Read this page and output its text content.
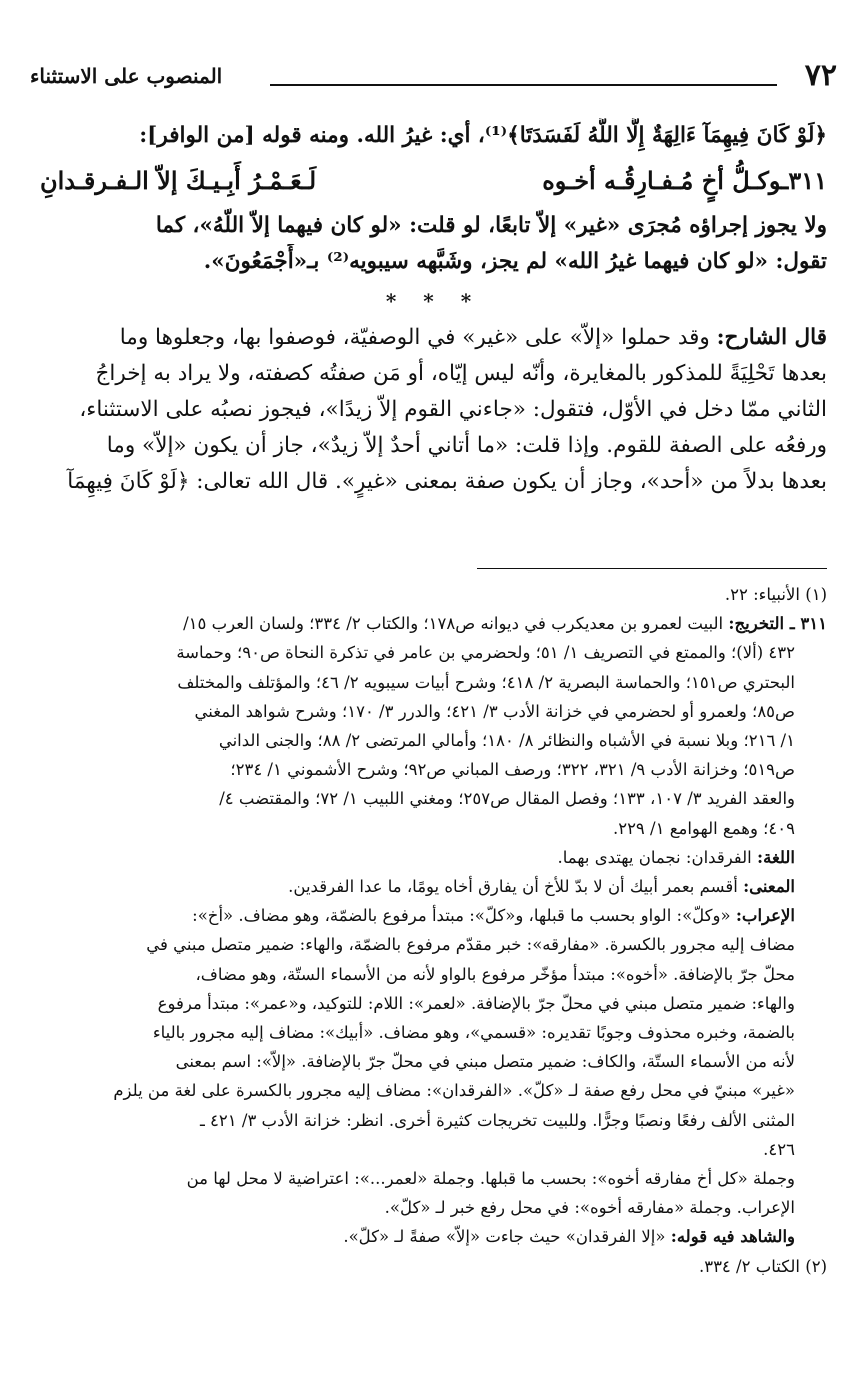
٧٢
المنصوب على الاستثناء

﴿لَوْ كَانَ فِيهِمَآ ءَالِهَةٌ إِلَّا اللَّهُ لَفَسَدَتَا﴾⁽¹⁾، أي: غيرُ الله. ومنه قوله [من الوافر]:

٣١١ـوكـلُّ أخٍ مُـفـارِقُـه أخـوه
لَـعَـمْـرُ أَبِـيـكَ إلاّ الـفـرقـدانِ

ولا يجوز إجراؤه مُجرَى «غير» إلاّ تابعًا، لو قلت: «لو كان فيهما إلاّ اللّهُ»، كما

تقول: «لو كان فيهما غيرُ الله» لم يجز، وشَبَّهه سيبويه⁽²⁾ بـ«أَجْمَعُونَ».

* * *

قال الشارح: وقد حملوا «إلاّ» على «غير» في الوصفيّة، فوصفوا بها، وجعلوها وما

بعدها تَحْلِيَةً للمذكور بالمغايرة، وأنّه ليس إيّاه، أو مَن صفتُه كصفته، ولا يراد به إخراجُ

الثاني ممّا دخل في الأوّل، فتقول: «جاءني القوم إلاّ زيدًا»، فيجوز نصبُه على الاستثناء،

ورفعُه على الصفة للقوم. وإذا قلت: «ما أتاني أحدٌ إلاّ زيدٌ»، جاز أن يكون «إلاّ» وما

بعدها بدلاً من «أحد»، وجاز أن يكون صفة بمعنى «غيرٍ». قال الله تعالى: ﴿لَوْ كَانَ فِيهِمَآ

(١) الأنبياء: ٢٢.

٣١١ ـ التخريج: البيت لعمرو بن معديكرب في ديوانه ص١٧٨؛ والكتاب ٢/ ٣٣٤؛ ولسان العرب ١٥/

٤٣٢ (ألا)؛ والممتع في التصريف ١/ ٥١؛ ولحضرمي بن عامر في تذكرة النحاة ص٩٠؛ وحماسة

البحتري ص١٥١؛ والحماسة البصرية ٢/ ٤١٨؛ وشرح أبيات سيبويه ٢/ ٤٦؛ والمؤتلف والمختلف

ص٨٥؛ ولعمرو أو لحضرمي في خزانة الأدب ٣/ ٤٢١؛ والدرر ٣/ ١٧٠؛ وشرح شواهد المغني

١/ ٢١٦؛ وبلا نسبة في الأشباه والنظائر ٨/ ١٨٠؛ وأمالي المرتضى ٢/ ٨٨؛ والجنى الداني

ص٥١٩؛ وخزانة الأدب ٩/ ٣٢١، ٣٢٢؛ ورصف المباني ص٩٢؛ وشرح الأشموني ١/ ٢٣٤؛

والعقد الفريد ٣/ ١٠٧، ١٣٣؛ وفصل المقال ص٢٥٧؛ ومغني اللبيب ١/ ٧٢؛ والمقتضب ٤/

٤٠٩؛ وهمع الهوامع ١/ ٢٢٩.

اللغة: الفرقدان: نجمان يهتدى بهما.

المعنى: أقسم بعمر أبيك أن لا بدّ للأخ أن يفارق أخاه يومًا، ما عدا الفرقدين.

الإعراب: «وكلّ»: الواو بحسب ما قبلها، و«كلّ»: مبتدأ مرفوع بالضمّة، وهو مضاف. «أخ»:

مضاف إليه مجرور بالكسرة. «مفارقه»: خبر مقدّم مرفوع بالضمّة، والهاء: ضمير متصل مبني في

محلّ جرّ بالإضافة. «أخوه»: مبتدأ مؤخّر مرفوع بالواو لأنه من الأسماء الستّة، وهو مضاف،

والهاء: ضمير متصل مبني في محلّ جرّ بالإضافة. «لعمر»: اللام: للتوكيد، و«عمر»: مبتدأ مرفوع

بالضمة، وخبره محذوف وجوبًا تقديره: «قسمي»، وهو مضاف. «أبيك»: مضاف إليه مجرور بالياء

لأنه من الأسماء الستّة، والكاف: ضمير متصل مبني في محلّ جرّ بالإضافة. «إلاّ»: اسم بمعنى

«غير» مبنيّ في محل رفع صفة لـ «كلّ». «الفرقدان»: مضاف إليه مجرور بالكسرة على لغة من يلزم

المثنى الألف رفعًا ونصبًا وجرًّا. وللبيت تخريجات كثيرة أخرى. انظر: خزانة الأدب ٣/ ٤٢١ ـ

٤٢٦.

وجملة «كل أخ مفارقه أخوه»: بحسب ما قبلها. وجملة «لعمر...»: اعتراضية لا محل لها من

الإعراب. وجملة «مفارقه أخوه»: في محل رفع خبر لـ «كلّ».

والشاهد فيه قوله: «إلا الفرقدان» حيث جاءت «إلاّ» صفةً لـ «كلّ».

(٢) الكتاب ٢/ ٣٣٤.
